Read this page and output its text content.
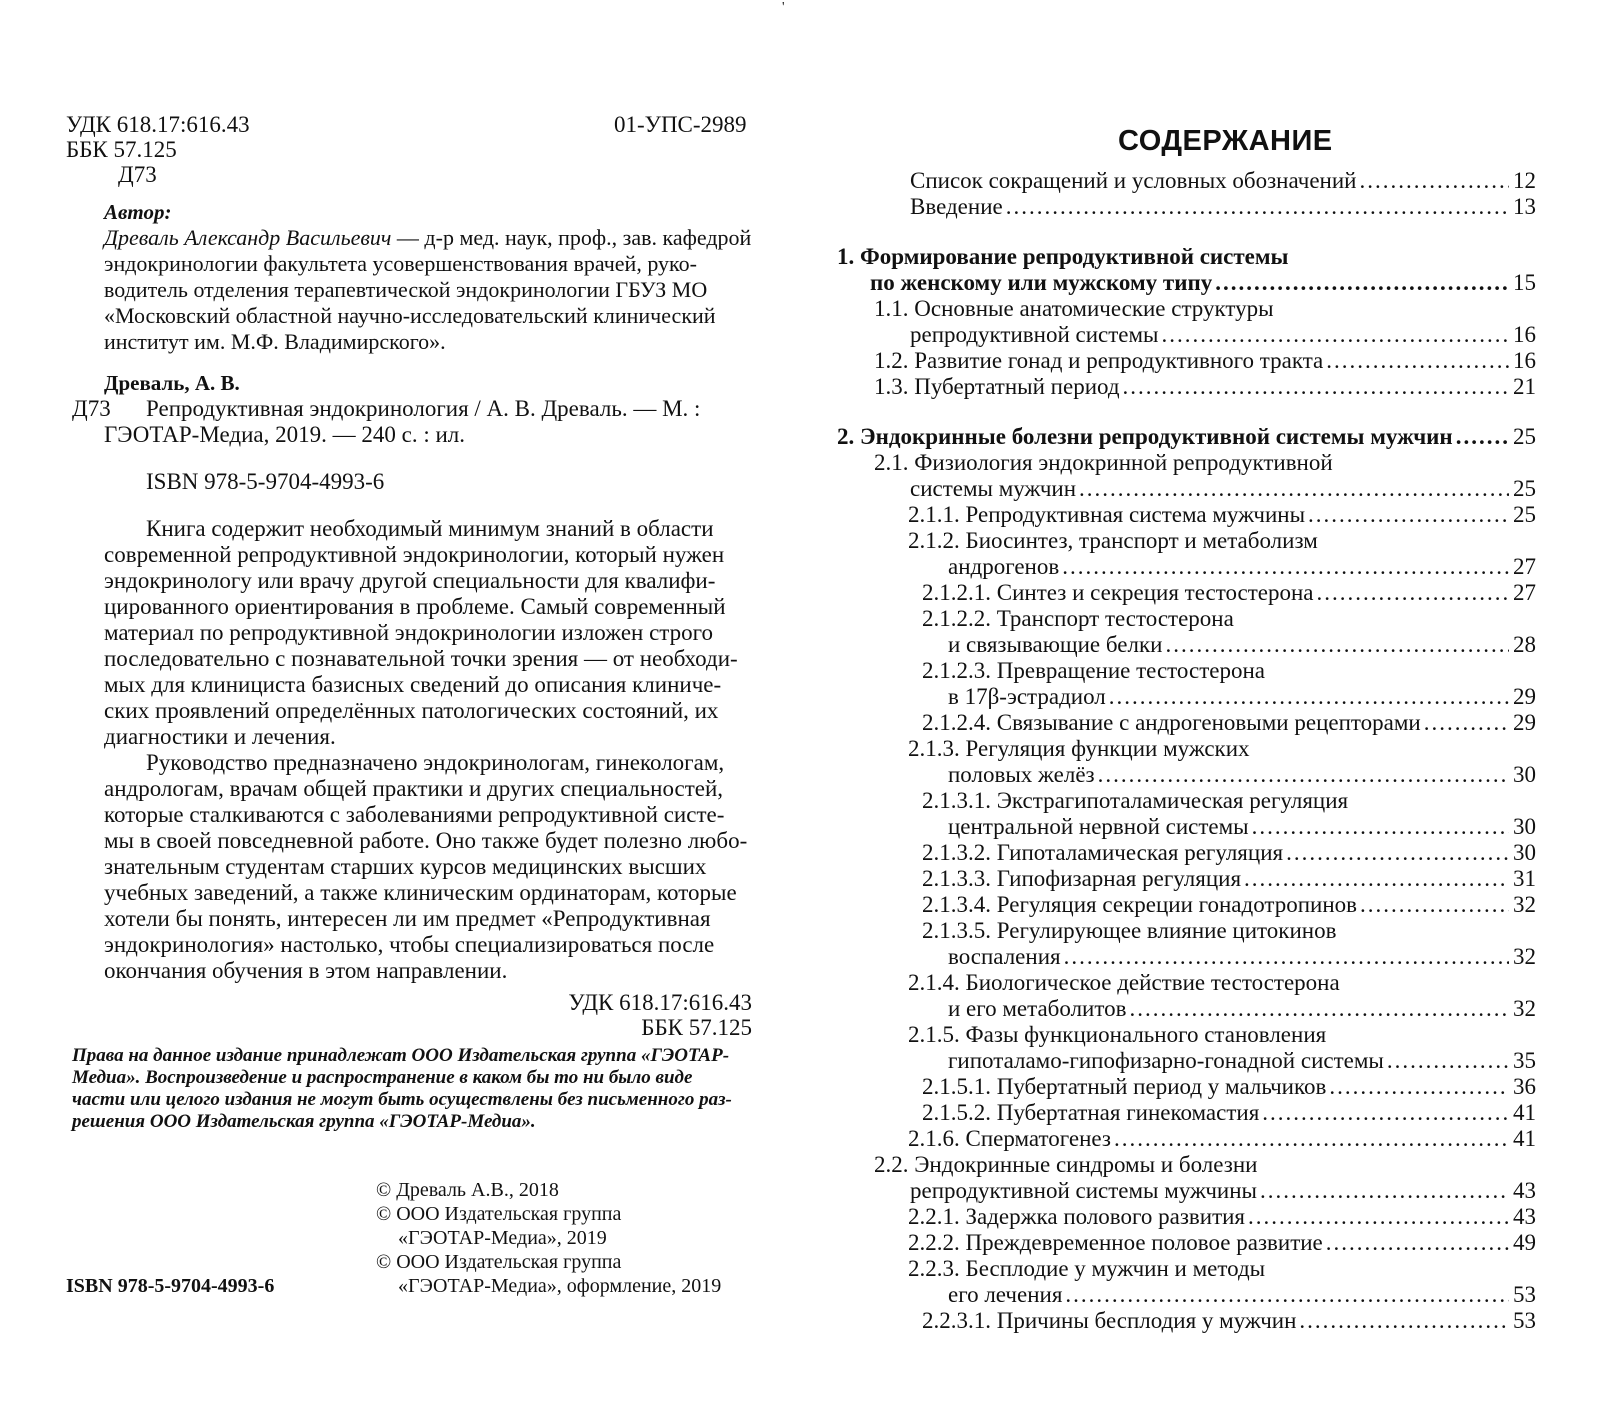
'
УДК 618.17:616.43	01-УПС-2989
ББК 57.125
Д73
Автор:
Древаль Александр Васильевич — д-р мед. наук, проф., зав. кафедрой
эндокринологии факультета усовершенствования врачей, руко-
водитель отделения терапевтической эндокринологии ГБУЗ МО
«Московский областной научно-исследовательский клинический
институт им. М.Ф. Владимирского».
Древаль, А. В.
Д73 Репродуктивная эндокринология / А. В. Древаль. — М. :
ГЭОТАР-Медиа, 2019. — 240 с. : ил.
ISBN 978-5-9704-4993-6
Книга содержит необходимый минимум знаний в области
современной репродуктивной эндокринологии, который нужен
эндокринологу или врачу другой специальности для квалифи-
цированного ориентирования в проблеме. Самый современный
материал по репродуктивной эндокринологии изложен строго
последовательно с познавательной точки зрения — от необходи-
мых для клинициста базисных сведений до описания клиниче-
ских проявлений определённых патологических состояний, их
диагностики и лечения.
Руководство предназначено эндокринологам, гинекологам,
андрологам, врачам общей практики и других специальностей,
которые сталкиваются с заболеваниями репродуктивной систе-
мы в своей повседневной работе. Оно также будет полезно любо-
знательным студентам старших курсов медицинских высших
учебных заведений, а также клиническим ординаторам, которые
хотели бы понять, интересен ли им предмет «Репродуктивная
эндокринология» настолько, чтобы специализироваться после
окончания обучения в этом направлении.
УДК 618.17:616.43
ББК 57.125
Права на данное издание принадлежат ООО Издательская группа «ГЭОТАР-
Медиа». Воспроизведение и распространение в каком бы то ни было виде
части или целого издания не могут быть осуществлены без письменного раз-
решения ООО Издательская группа «ГЭОТАР-Медиа».
© Древаль А.В., 2018
© ООО Издательская группа
«ГЭОТАР-Медиа», 2019
© ООО Издательская группа
«ГЭОТАР-Медиа», оформление, 2019
ISBN 978-5-9704-4993-6
СОДЕРЖАНИЕ
Список сокращений и условных обозначений .....	12
Введение .....	13
1. Формирование репродуктивной системы
по женскому или мужскому типу .....	15
1.1. Основные анатомические структуры
репродуктивной системы .....	16
1.2. Развитие гонад и репродуктивного тракта .....	16
1.3. Пубертатный период .....	21
2. Эндокринные болезни репродуктивной системы мужчин .....	25
2.1. Физиология эндокринной репродуктивной
системы мужчин .....	25
2.1.1. Репродуктивная система мужчины .....	25
2.1.2. Биосинтез, транспорт и метаболизм
андрогенов .....	27
2.1.2.1. Синтез и секреция тестостерона .....	27
2.1.2.2. Транспорт тестостерона
и связывающие белки .....	28
2.1.2.3. Превращение тестостерона
в 17β-эстрадиол .....	29
2.1.2.4. Связывание с андрогеновыми рецепторами .....	29
2.1.3. Регуляция функции мужских
половых желёз .....	30
2.1.3.1. Экстрагипоталамическая регуляция
центральной нервной системы .....	30
2.1.3.2. Гипоталамическая регуляция .....	30
2.1.3.3. Гипофизарная регуляция .....	31
2.1.3.4. Регуляция секреции гонадотропинов .....	32
2.1.3.5. Регулирующее влияние цитокинов
воспаления .....	32
2.1.4. Биологическое действие тестостерона
и его метаболитов .....	32
2.1.5. Фазы функционального становления
гипоталамо-гипофизарно-гонадной системы .....	35
2.1.5.1. Пубертатный период у мальчиков .....	36
2.1.5.2. Пубертатная гинекомастия .....	41
2.1.6. Сперматогенез .....	41
2.2. Эндокринные синдромы и болезни
репродуктивной системы мужчины .....	43
2.2.1. Задержка полового развития .....	43
2.2.2. Преждевременное половое развитие .....	49
2.2.3. Бесплодие у мужчин и методы
его лечения .....	53
2.2.3.1. Причины бесплодия у мужчин .....	53
